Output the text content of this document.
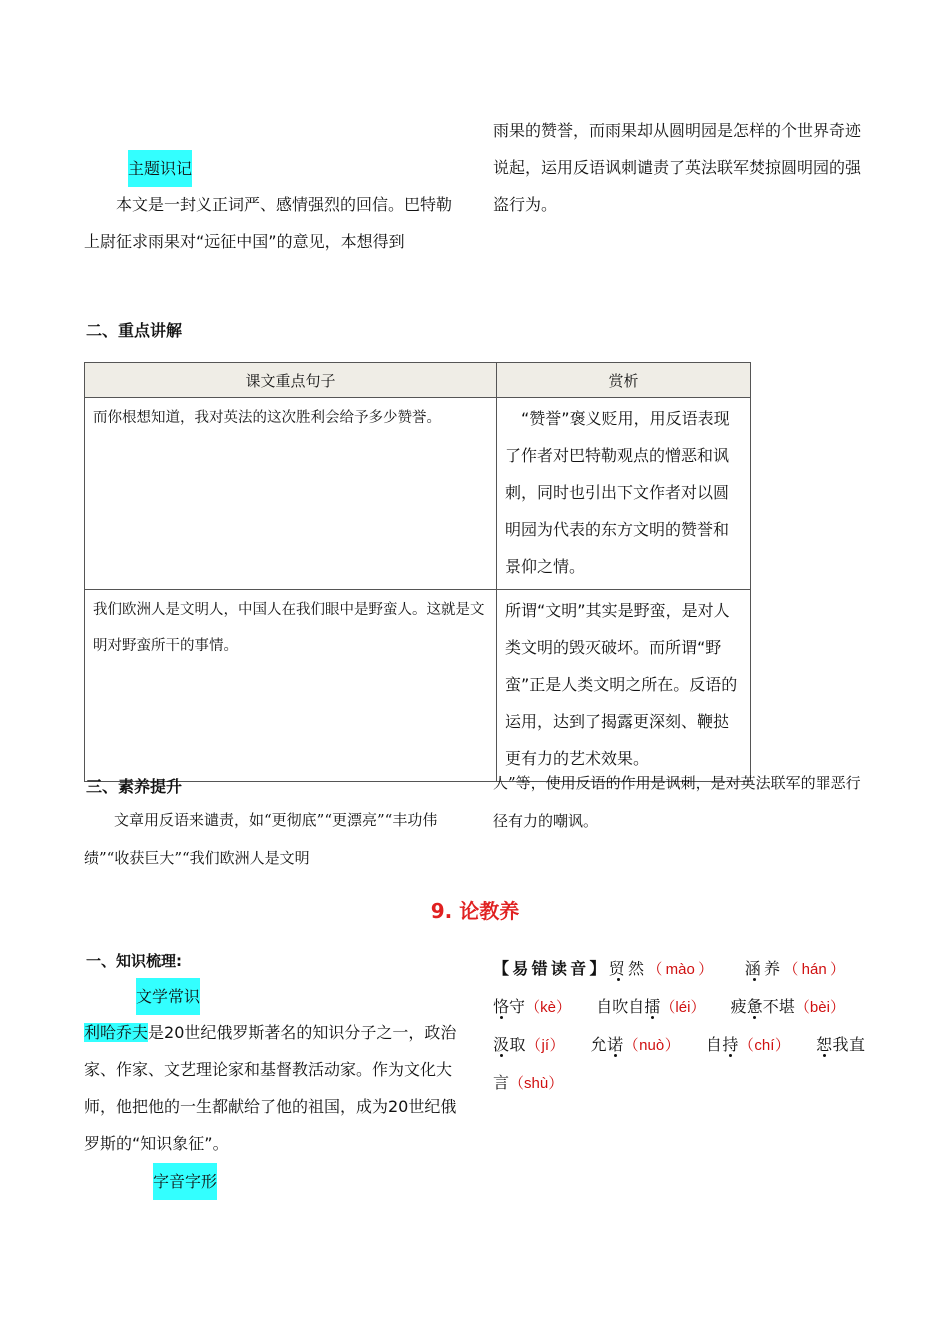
主题识记

本文是一封义正词严、感情强烈的回信。巴特勒上尉征求雨果对“远征中国”的意见，本想得到

雨果的赞誉，而雨果却从圆明园是怎样的个世界奇迹说起，运用反语讽刺谴责了英法联军焚掠圆明园的强盗行为。

二、重点讲解
课文重点句子	赏析
而你根想知道，我对英法的这次胜利会给予多少赞誉。	“赞誉”褒义贬用，用反语表现了作者对巴特勒观点的憎恶和讽刺，同时也引出下文作者对以圆明园为代表的东方文明的赞誉和景仰之情。
我们欧洲人是文明人，中国人在我们眼中是野蛮人。这就是文明对野蛮所干的事情。	所谓“文明”其实是野蛮，是对人类文明的毁灭破坏。而所谓“野蛮”正是人类文明之所在。反语的运用，达到了揭露更深刻、鞭挞更有力的艺术效果。
三、素养提升

文章用反语来谴责，如“更彻底”“更漂亮”“丰功伟绩”“收获巨大”“我们欧洲人是文明

人”等，使用反语的作用是讽刺，是对英法联军的罪恶行径有力的嘲讽。

9. 论教养
一、知识梳理:
文学常识

利哈乔夫是20世纪俄罗斯著名的知识分子之一，政治家、作家、文艺理论家和基督教活动家。作为文化大师，他把他的一生都献给了他的祖国，成为20世纪俄罗斯的“知识象征”。

字音字形
【易错读音】贸然（mào） 涵养（hán） 恪守（kè） 自吹自擂（léi） 疲惫不堪（bèi） 汲取（jí） 允诺（nuò） 自持（chí） 恕我直言（shù）
